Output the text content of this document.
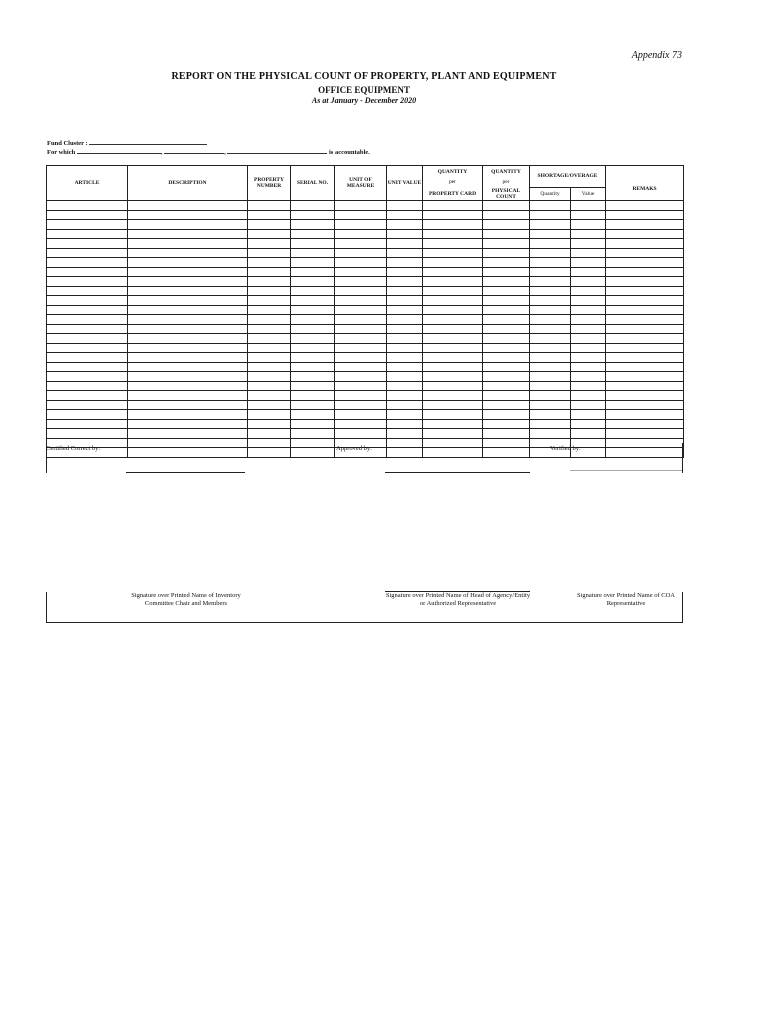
Appendix 73
REPORT ON THE PHYSICAL COUNT OF PROPERTY, PLANT AND EQUIPMENT
OFFICE EQUIPMENT
As at January - December 2020
Fund Cluster :
For which	,	,	is accountable.
ARTICLE	DESCRIPTION	PROPERTY NUMBER	SERIAL NO.	UNIT OF MEASURE	UNIT VALUE	QUANTITY	QUANTITY	SHORTAGE/OVERAGE		
						per	per			REMAKS
						PROPERTY CARD	PHYSICAL COUNT	Quantity	Value	

Certified Correct by:	Approved by:	Verified by:
Signature over Printed Name of Inventory Committee Chair and Members
Signature over Printed Name of Head of Agency/Entity or Authorized Representative
Signature over Printed Name of COA Representative
